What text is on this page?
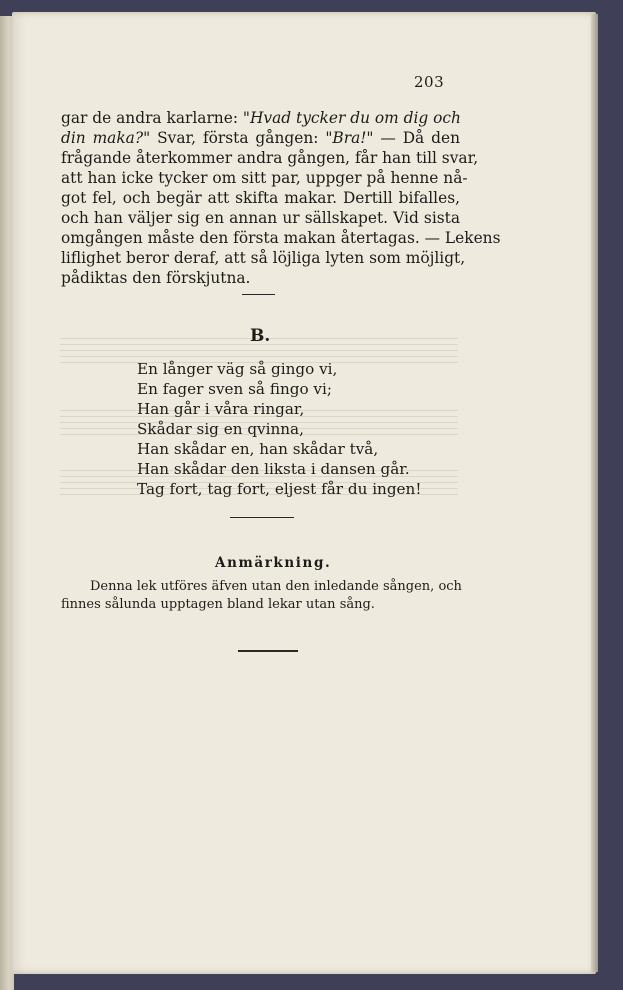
203
gar de andra karlarne: "Hvad tycker du om dig och
din maka?" Svar, första gången: "Bra!" — Då den
frågande återkommer andra gången, får han till svar,
att han icke tycker om sitt par, uppger på henne nå-
got fel, och begär att skifta makar. Dertill bifalles,
och han väljer sig en annan ur sällskapet. Vid sista
omgången måste den första makan återtagas. — Lekens
liflighet beror deraf, att så löjliga lyten som möjligt,
pådiktas den förskjutna.
B.
En långer väg så gingo vi,
En fager sven så fingo vi;
Han går i våra ringar,
Skådar sig en qvinna,
Han skådar en, han skådar två,
Han skådar den liksta i dansen går.
Tag fort, tag fort, eljest får du ingen!
Anmärkning.
Denna lek utföres äfven utan den inledande sången, och
finnes sålunda upptagen bland lekar utan sång.
